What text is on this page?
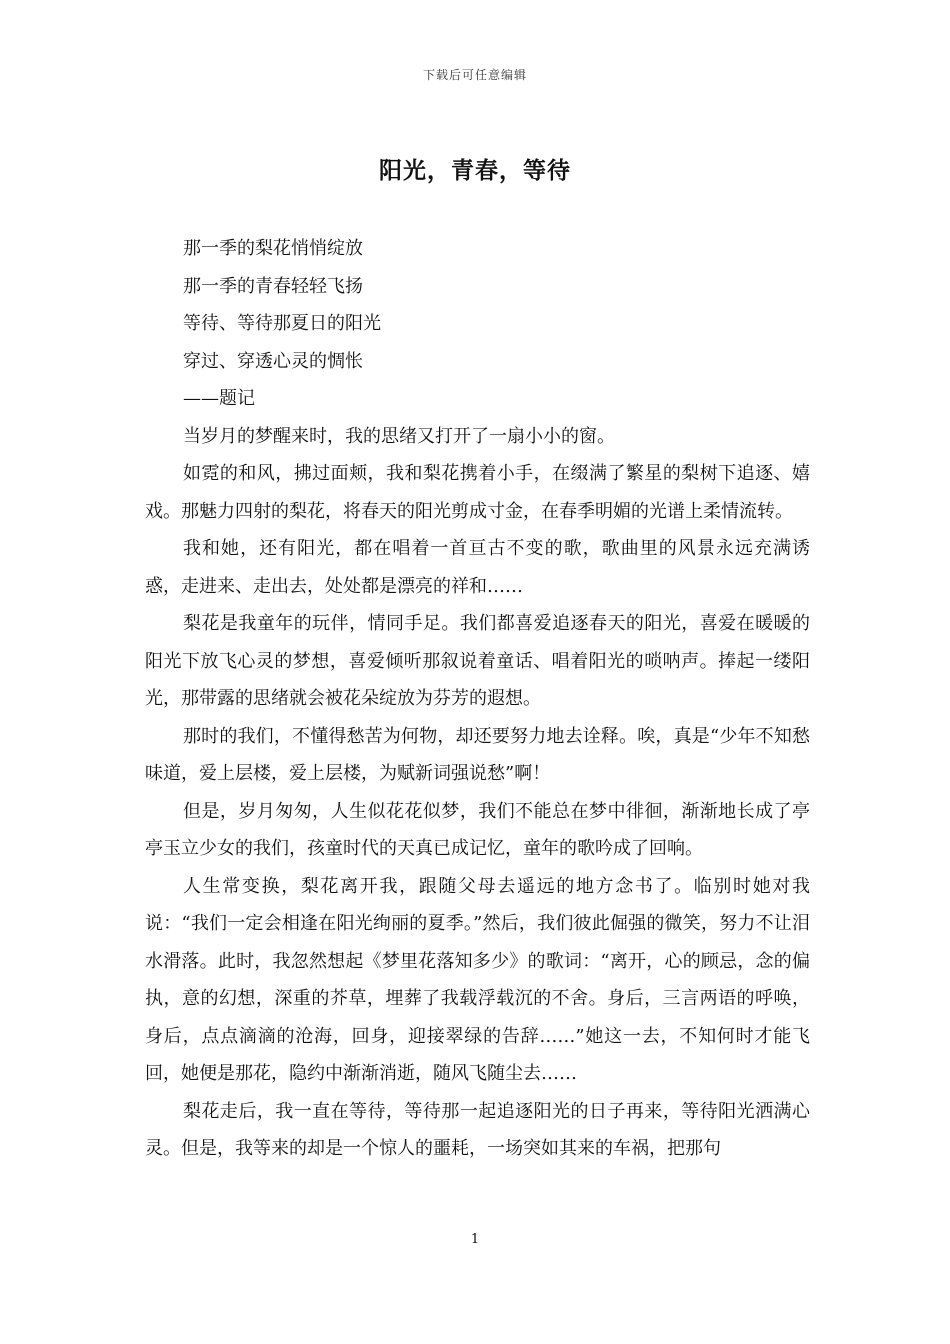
下载后可任意编辑
阳光，青春，等待

那一季的梨花悄悄绽放

那一季的青春轻轻飞扬

等待、等待那夏日的阳光

穿过、穿透心灵的惆怅

——题记

当岁月的梦醒来时，我的思绪又打开了一扇小小的窗。

如霓的和风，拂过面颊，我和梨花携着小手，在缀满了繁星的梨树下追逐、嬉戏。那魅力四射的梨花，将春天的阳光剪成寸金，在春季明媚的光谱上柔情流转。

我和她，还有阳光，都在唱着一首亘古不变的歌，歌曲里的风景永远充满诱惑，走进来、走出去，处处都是漂亮的祥和……

梨花是我童年的玩伴，情同手足。我们都喜爱追逐春天的阳光，喜爱在暖暖的阳光下放飞心灵的梦想，喜爱倾听那叙说着童话、唱着阳光的唢呐声。捧起一缕阳光，那带露的思绪就会被花朵绽放为芬芳的遐想。

那时的我们，不懂得愁苦为何物，却还要努力地去诠释。唉，真是“少年不知愁味道，爱上层楼，爱上层楼，为赋新词强说愁”啊！

但是，岁月匆匆，人生似花花似梦，我们不能总在梦中徘徊，渐渐地长成了亭亭玉立少女的我们，孩童时代的天真已成记忆，童年的歌吟成了回响。

人生常变换，梨花离开我，跟随父母去遥远的地方念书了。临别时她对我说：“我们一定会相逢在阳光绚丽的夏季。”然后，我们彼此倔强的微笑，努力不让泪水滑落。此时，我忽然想起《梦里花落知多少》的歌词：“离开，心的顾忌，念的偏执，意的幻想，深重的芥草，埋葬了我载浮载沉的不舍。身后，三言两语的呼唤，身后，点点滴滴的沧海，回身，迎接翠绿的告辞……”她这一去，不知何时才能飞回，她便是那花，隐约中渐渐消逝，随风飞随尘去……

梨花走后，我一直在等待，等待那一起追逐阳光的日子再来，等待阳光洒满心灵。但是，我等来的却是一个惊人的噩耗，一场突如其来的车祸，把那句

1
